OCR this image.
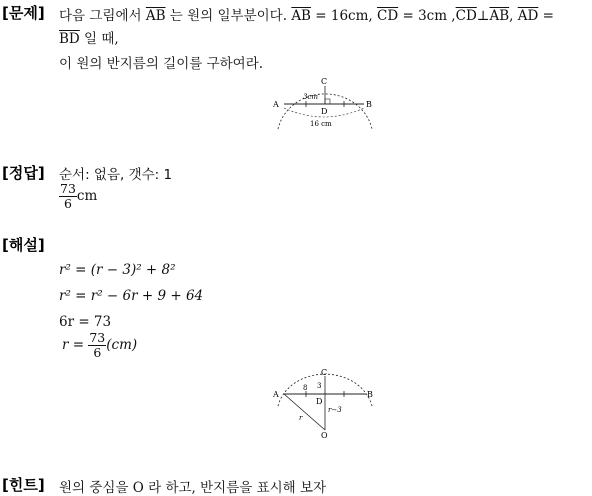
[문제] 다음 그림에서 $\overline{AB}$ 는 원의 일부분이다. $\overline{AB} = 16cm$, $\overline{CD} = 3cm$ $,\overline{CD}\perp\overline{AB}$, $\overline{AD}$ =
$\overline{BD}$ 일 때,
이 원의 반지름의 길이를 구하여라.
A	B
C
D
3cm
16 cm
[정답] 순서: 없음, 갯수: 1
$\frac{73}{6}$ cm
[해설]
r² = (r − 3)² + 8²
r² = r² − 6r + 9 + 64
6r = 73
$r = \frac{73}{6} (cm)$
C
A	B
D
O
3
8
r
r−3
[힌트] 원의 중심을 O 라 하고, 반지름을 표시해 보자
